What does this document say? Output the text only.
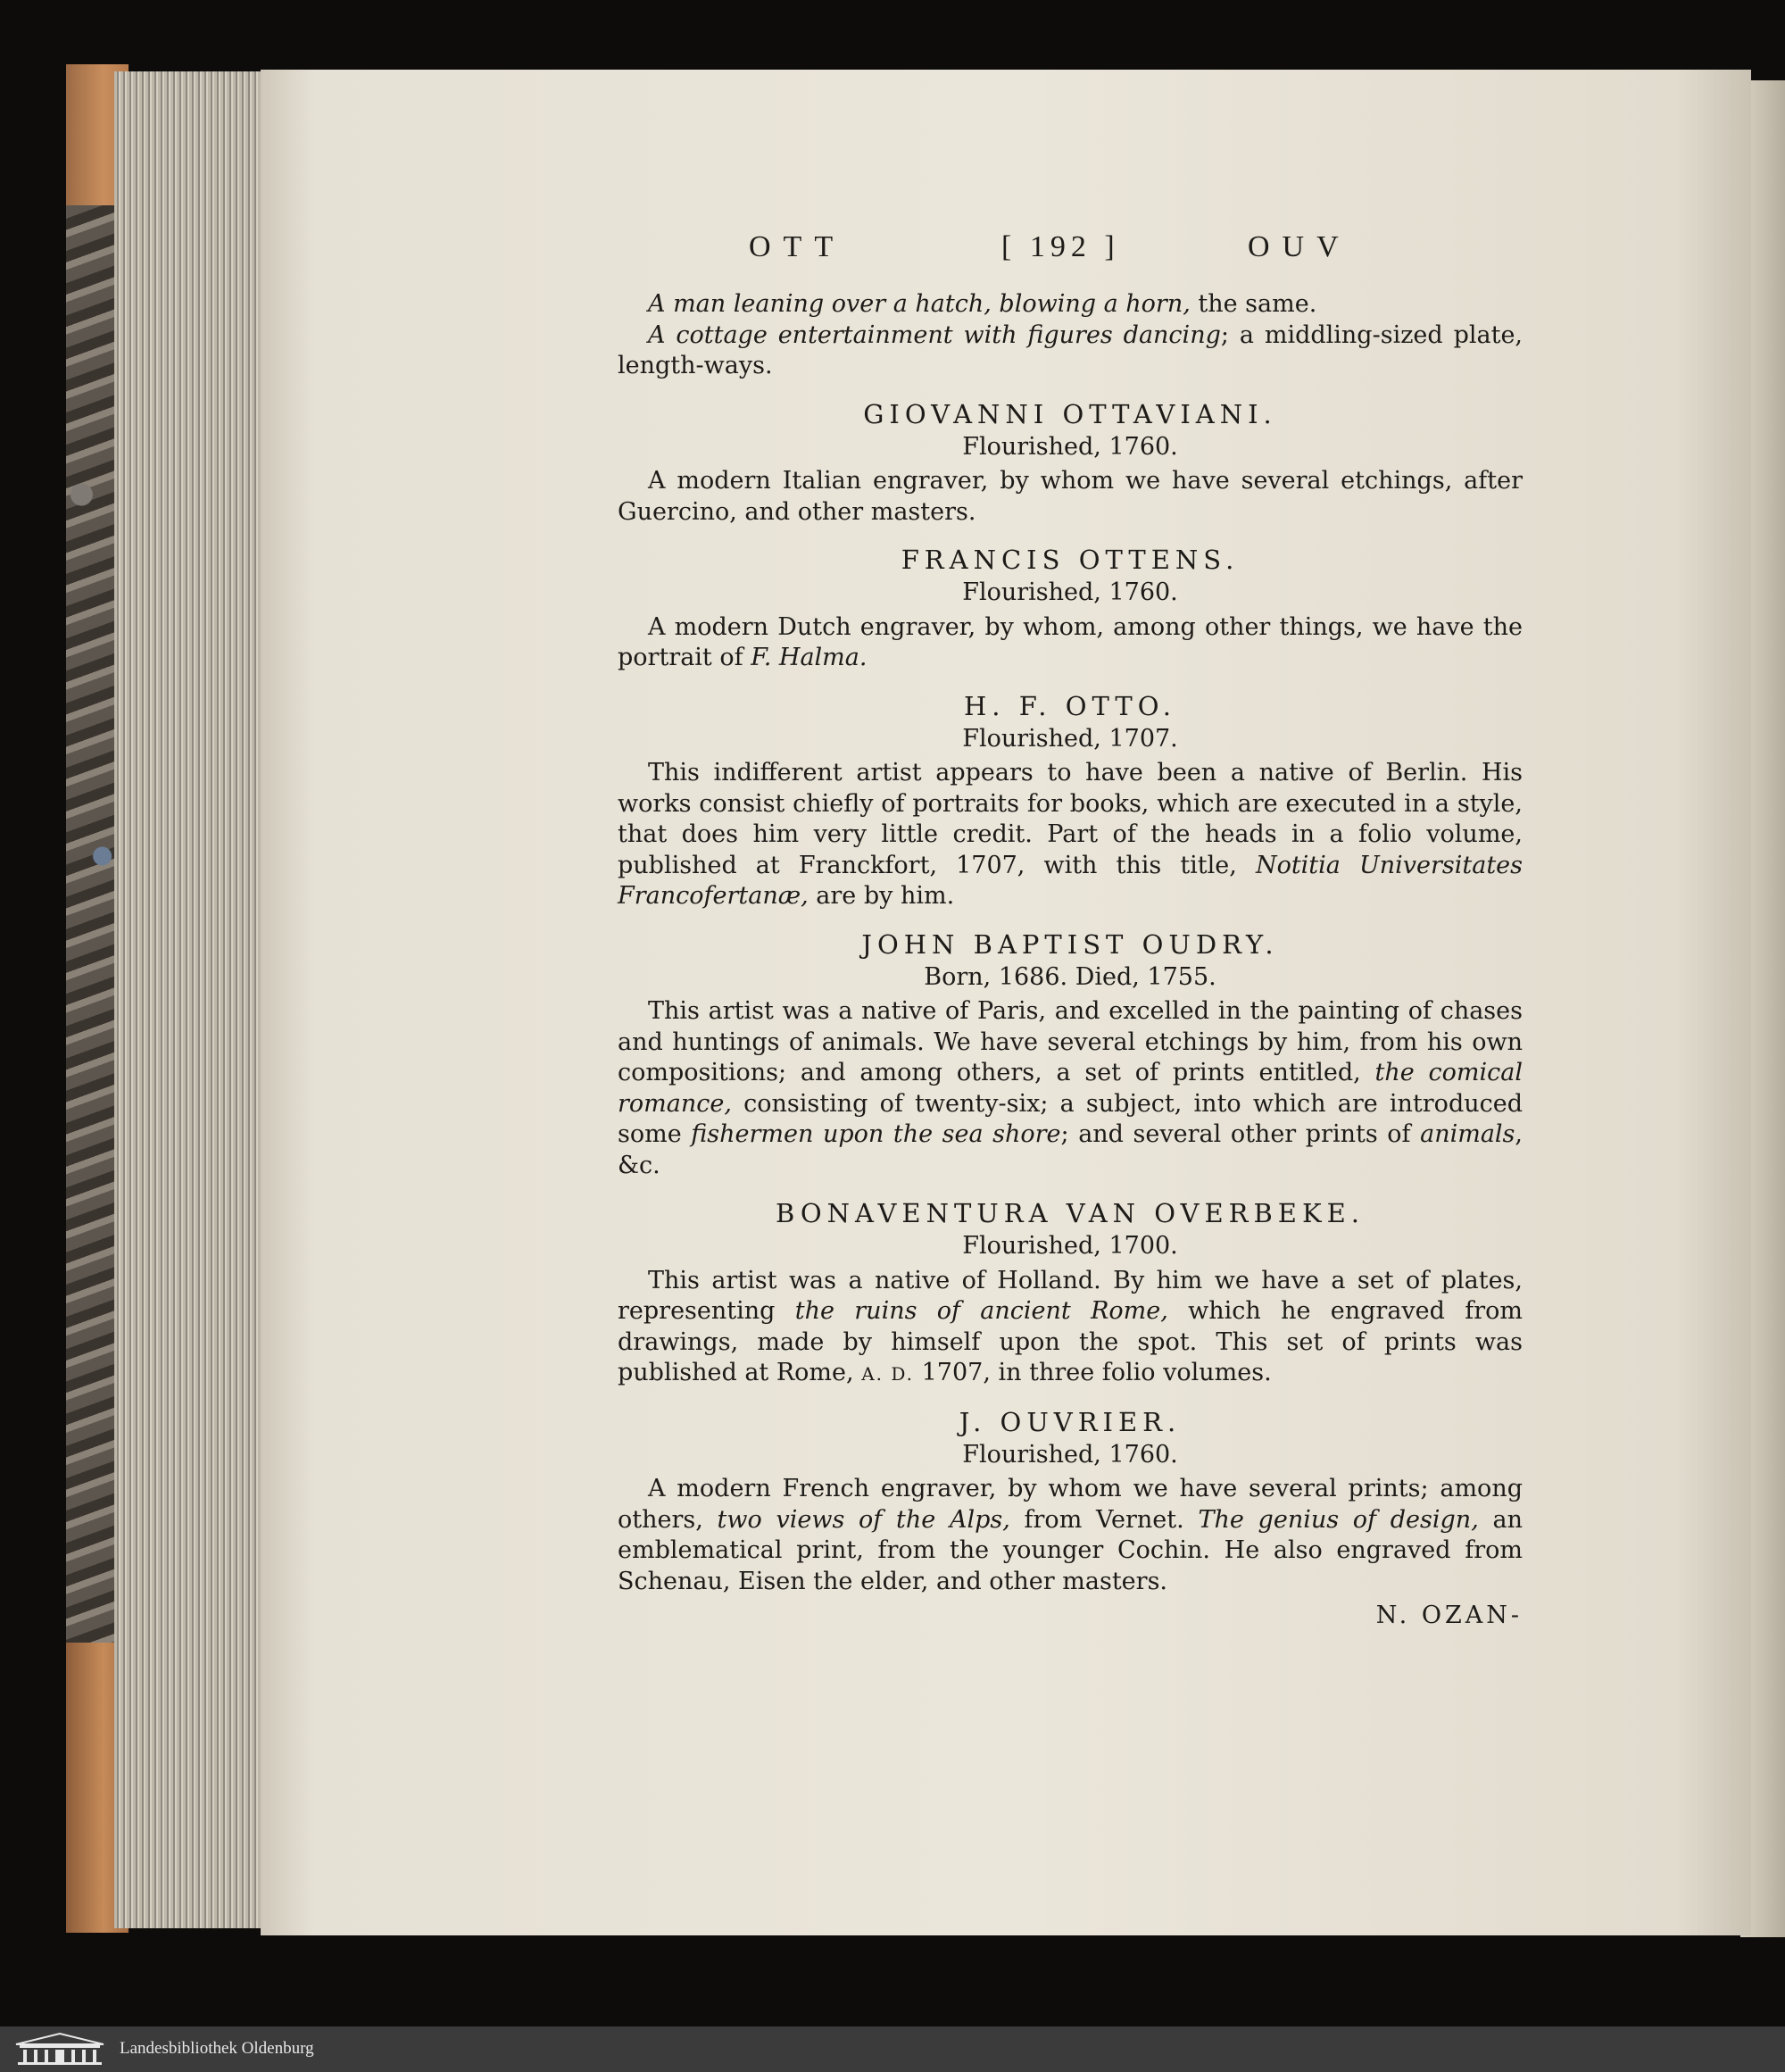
OTT	[ 192 ]	OUV

A man leaning over a hatch, blowing a horn, the same.

A cottage entertainment with figures dancing; a middling-sized plate, length-ways.

GIOVANNI OTTAVIANI.
Flourished, 1760.

A modern Italian engraver, by whom we have several etchings, after Guercino, and other masters.

FRANCIS OTTENS.
Flourished, 1760.

A modern Dutch engraver, by whom, among other things, we have the portrait of F. Halma.

H. F. OTTO.
Flourished, 1707.

This indifferent artist appears to have been a native of Berlin. His works consist chiefly of portraits for books, which are executed in a style, that does him very little credit. Part of the heads in a folio volume, published at Franckfort, 1707, with this title, Notitia Universitates Francofertanæ, are by him.

JOHN BAPTIST OUDRY.
Born, 1686. Died, 1755.

This artist was a native of Paris, and excelled in the painting of chases and huntings of animals. We have several etchings by him, from his own compositions; and among others, a set of prints entitled, the comical romance, consisting of twenty-six; a subject, into which are introduced some fishermen upon the sea shore; and several other prints of animals, &c.

BONAVENTURA VAN OVERBEKE.
Flourished, 1700.

This artist was a native of Holland. By him we have a set of plates, representing the ruins of ancient Rome, which he engraved from drawings, made by himself upon the spot. This set of prints was published at Rome, A. D. 1707, in three folio volumes.

J. OUVRIER.
Flourished, 1760.

A modern French engraver, by whom we have several prints; among others, two views of the Alps, from Vernet. The genius of design, an emblematical print, from the younger Cochin. He also engraved from Schenau, Eisen the elder, and other masters.

N. OZAN-
Landesbibliothek Oldenburg
